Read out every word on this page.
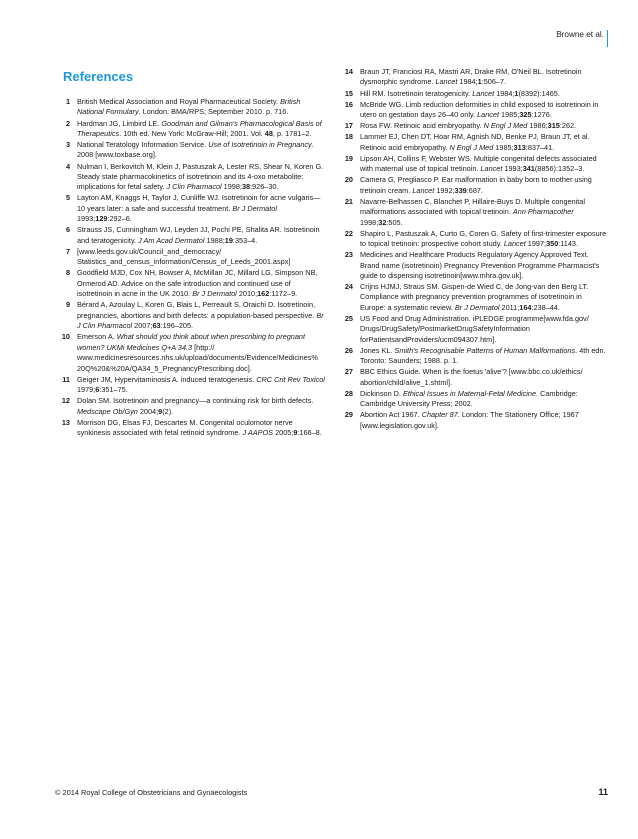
Browne et al.
References
1 British Medical Association and Royal Pharmaceutical Society. British National Formulary. London: BMA/RPS; September 2010. p. 716.
2 Hardman JG, Limbird LE. Goodman and Gilman's Pharmacological Basis of Therapeutics. 10th ed. New York: McGraw-Hill; 2001. Vol. 48, p. 1781–2.
3 National Teratology Information Service. Use of Isotretinoin in Pregnancy. 2008 [www.toxbase.org].
4 Nulman I, Berkovitch M, Klein J, Pastuszak A, Lester RS, Shear N, Koren G. Steady state pharmacokinetics of isotretinoin and its 4-oxo metabolite: implications for fetal safety. J Clin Pharmacol 1998;38:926–30.
5 Layton AM, Knaggs H, Taylor J, Cunliffe WJ. Isotretinoin for acne vulgaris—10 years later: a safe and successful treatment. Br J Dermatol 1993;129:292–6.
6 Strauss JS, Cunningham WJ, Leyden JJ, Pochi PE, Shalita AR. Isotretinoin and teratogenicity. J Am Acad Dermatol 1988;19:353–4.
7 [www.leeds.gov.uk/Council_and_democracy/ Statistics_and_census_information/Census_of_Leeds_2001.aspx]
8 Goodfield MJD, Cox NH, Bowser A, McMillan JC, Millard LG, Simpson NB, Ormerod AD. Advice on the safe introduction and continued use of isotretinoin in acne in the UK 2010. Br J Dermatol 2010;162:1172–9.
9 Bérard A, Azoulay L, Koren G, Blais L, Perreault S, Oraichi D. Isotretinoin, pregnancies, abortions and birth defects: a population-based perspective. Br J Clin Pharmacol 2007;63:196–205.
10 Emerson A. What should you think about when prescribing to pregnant women? UKMi Medicines Q+A 34.3 [http:// www.medicinesresources.nhs.uk/upload/documents/Evidence/Medicines% 20Q%20&%20A/QA34_5_PregnancyPrescribing.doc].
11 Geiger JM, Hypervitaminosis A. induced teratogenesis. CRC Crit Rev Toxicol 1979;6:351–75.
12 Dolan SM. Isotretinoin and pregnancy—a continuing risk for birth defects. Medscape Ob/Gyn 2004;9(2).
13 Morrison DG, Elsas FJ, Descartes M. Congenital oculomotor nerve synkinesis associated with fetal retinoid syndrome. J AAPOS 2005;9:166–8.
14 Braun JT, Franciosi RA, Mastri AR, Drake RM, O'Neil BL. Isotretinoin dysmorphic syndrome. Lancet 1984;1:506–7.
15 Hill RM. Isotretinoin teratogenicity. Lancet 1984;1(8392):1465.
16 McBride WG. Limb reduction deformities in child exposed to isotretinoin in utero on gestation days 26–40 only. Lancet 1985;325:1276.
17 Rosa FW. Retinoic acid embryopathy. N Engl J Med 1986;315:262.
18 Lammer EJ, Chen DT, Hoar RM, Agnish ND, Benke PJ, Braun JT, et al. Retinoic acid embryopathy. N Engl J Med 1985;313:837–41.
19 Lipson AH, Collins F, Webster WS. Multiple congenital defects associated with maternal use of topical tretinoin. Lancet 1993;341(8856):1352–3.
20 Camera G, Pregliasco P. Ear malformation in baby born to mother using tretinoin cream. Lancet 1992;339:687.
21 Navarre-Belhassen C, Blanchet P, Hillaire-Buys D. Multiple congenital malformations associated with topical tretinoin. Ann Pharmacother 1998;32:505.
22 Shapiro L, Pastuszak A, Curto G, Coren G. Safety of first-trimester exposure to topical tretinoin: prospective cohort study. Lancet 1997;350:1143.
23 Medicines and Healthcare Products Regulatory Agency Approved Text. Brand name (isotretinoin) Pregnancy Prevention Programme Pharmacist's guide to dispensing isotretinoin[www.mhra.gov.uk].
24 Crijns HJMJ, Straus SM. Gispen-de Wied C, de Jong-van den Berg LT. Compliance with pregnancy prevention programmes of isotretinoin in Europe: a systematic review. Br J Dermatol 2011;164:238–44.
25 US Food and Drug Administration. iPLEDGE programme[www.fda.gov/ Drugs/DrugSafety/PostmarketDrugSafetyInformation forPatientsandProviders/ucm094307.htm].
26 Jones KL. Smith's Recognisable Patterns of Human Malformations. 4th edn. Toronto: Saunders; 1988. p. 1.
27 BBC Ethics Guide. When is the foetus 'alive'? [www.bbc.co.uk/ethics/ abortion/child/alive_1.shtml].
28 Dickinson D. Ethical Issues in Maternal-Fetal Medicine. Cambridge: Cambridge University Press; 2002.
29 Abortion Act 1967. Chapter 87. London: The Stationery Office; 1967 [www.legislation.gov.uk].
© 2014 Royal College of Obstetricians and Gynaecologists	11
